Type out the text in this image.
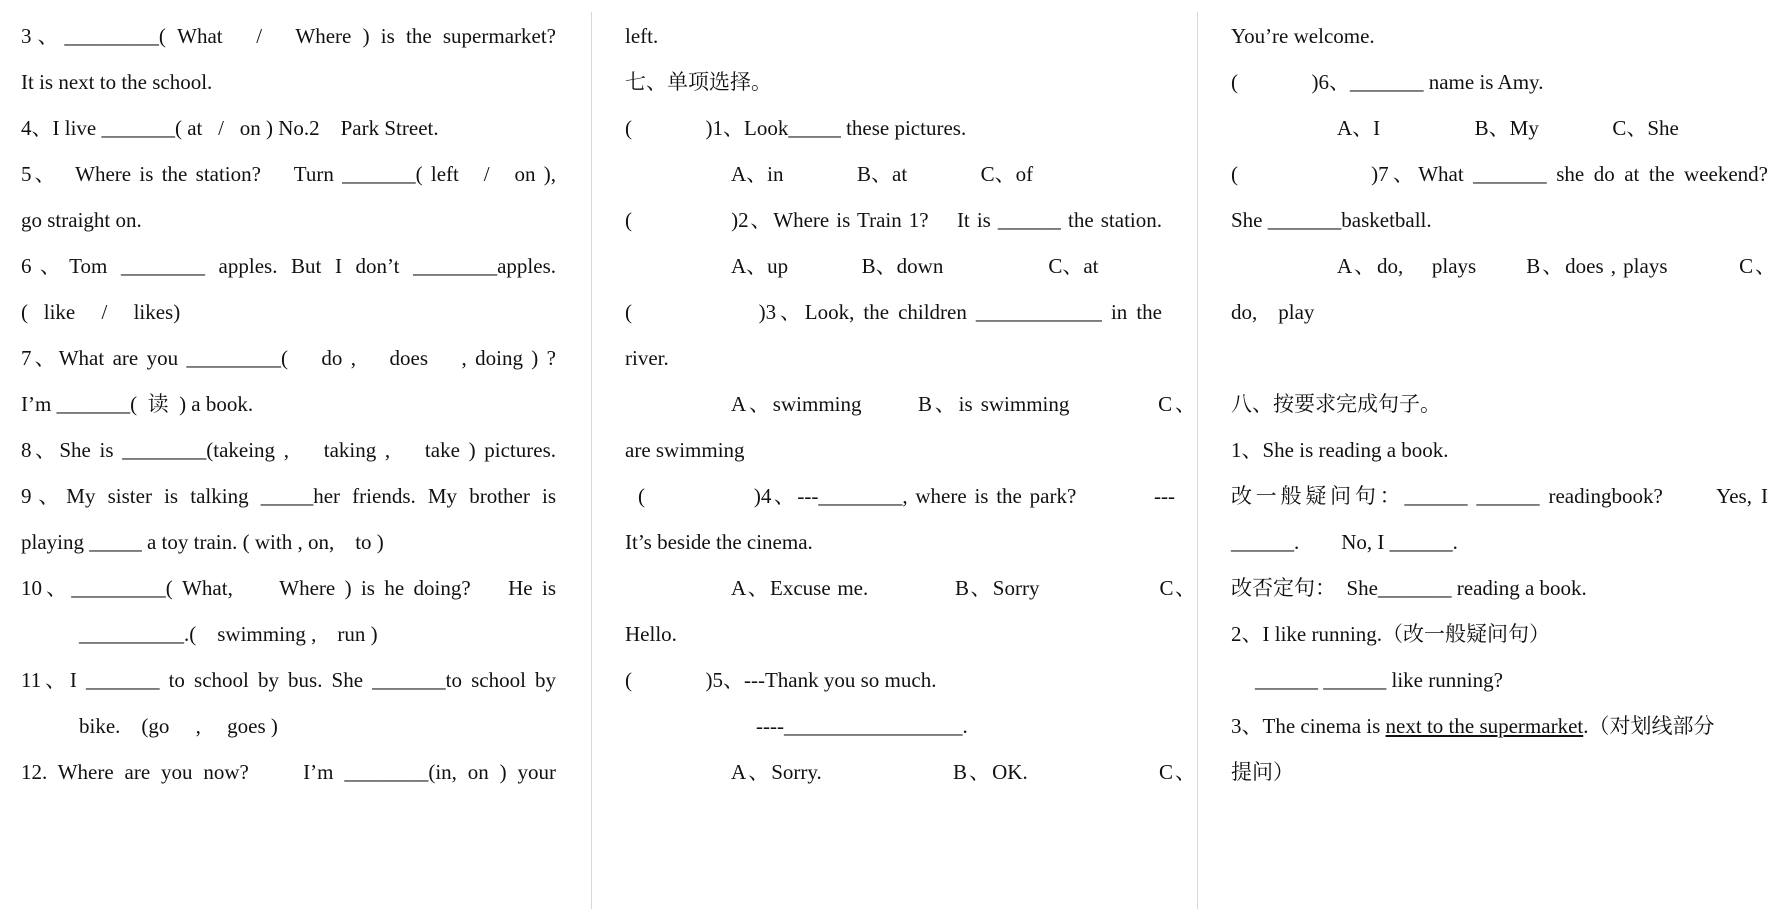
3、_________( What   /   Where ) is the supermarket?
It is next to the school.
4、I live _______( at   /   on ) No.2    Park Street.
5、  Where is the station?    Turn _______( left   /   on ),
go straight on.
6、Tom ________ apples. But I don’t ________apples.
(   like     /     likes)
7、What are you _________(    do ,    does    , doing ) ?
I’m _______(  读  ) a book.
8、She is ________(takeing ,    taking ,    take ) pictures.
9、My sister is talking _____her friends. My brother is
playing _____ a toy train. ( with , on,    to )
10、_________( What,     Where ) is he doing?    He is
__________.(    swimming ,    run )
11、I _______ to school by bus. She _______to school by
bike.    (go     ,     goes )
12. Where are you now?     I’m ________(in, on ) your
left.
七、单项选择。
(              )1、Look_____ these pictures.
A、in              B、at              C、of
(              )2、Where is Train 1?    It is ______ the station.
A、up              B、down                    C、at
(              )3、Look, the children ____________ in the
river.
A、swimming       B、is swimming           C、
are swimming
(              )4、---________, where is the park?          ---
It’s beside the cinema.
A、Excuse me.             B、Sorry                  C、
Hello.
(              )5、---Thank you so much.
----_________________.
A、Sorry.                  B、OK.                  C、
You’re welcome.
(              )6、_______ name is Amy.
A、I                  B、My              C、She
(              )7、What _______ she do at the weekend?
She _______basketball.
A、do,    plays       B、does , plays          C、
do,    play
八、按要求完成句子。
1、She is reading a book.
改一般疑问句：______ ______ readingbook?      Yes, I
______.        No, I ______.
改否定句：  She_______ reading a book.
2、I like running.（改一般疑问句）
______ ______ like running?
3、The cinema is next to the supermarket.（对划线部分
提问）
